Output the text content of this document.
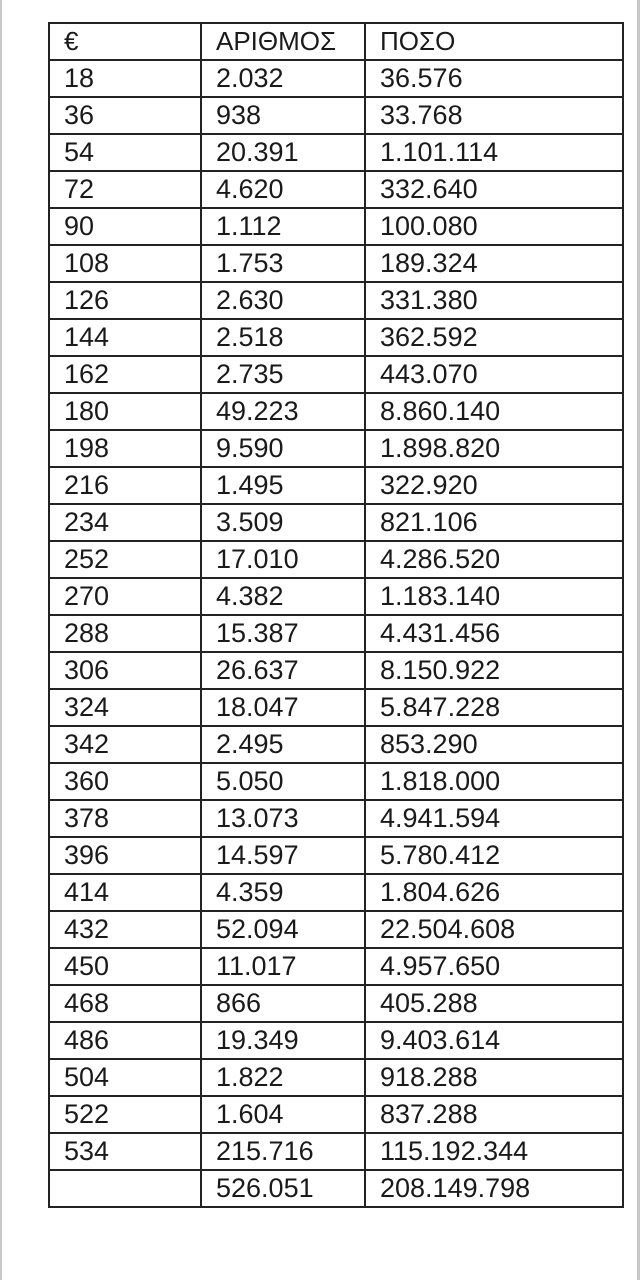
€	ΑΡΙΘΜΟΣ	ΠΟΣΟ
18	2.032	36.576
36	938	33.768
54	20.391	1.101.114
72	4.620	332.640
90	1.112	100.080
108	1.753	189.324
126	2.630	331.380
144	2.518	362.592
162	2.735	443.070
180	49.223	8.860.140
198	9.590	1.898.820
216	1.495	322.920
234	3.509	821.106
252	17.010	4.286.520
270	4.382	1.183.140
288	15.387	4.431.456
306	26.637	8.150.922
324	18.047	5.847.228
342	2.495	853.290
360	5.050	1.818.000
378	13.073	4.941.594
396	14.597	5.780.412
414	4.359	1.804.626
432	52.094	22.504.608
450	11.017	4.957.650
468	866	405.288
486	19.349	9.403.614
504	1.822	918.288
522	1.604	837.288
534	215.716	115.192.344
	526.051	208.149.798
